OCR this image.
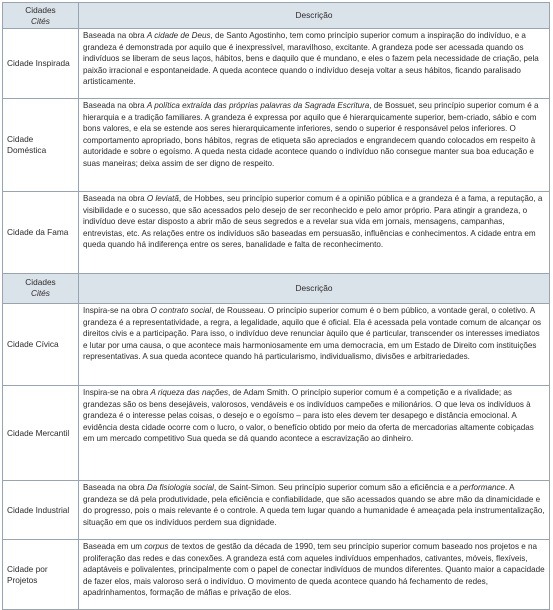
Cidades
Cités
Descrição
Cidade Inspirada
Baseada na obra A cidade de Deus, de Santo Agostinho, tem como princípio superior comum a inspiração do indivíduo, e a grandeza é demonstrada por aquilo que é inexpressível, maravilhoso, excitante. A grandeza pode ser acessada quando os indivíduos se liberam de seus laços, hábitos, bens e daquilo que é mundano, e eles o fazem pela necessidade de criação, pela paixão irracional e espontaneidade. A queda acontece quando o indivíduo deseja voltar a seus hábitos, ficando paralisado artisticamente.
Cidade Doméstica
Baseada na obra A política extraída das próprias palavras da Sagrada Escritura, de Bossuet, seu princípio superior comum é a hierarquia e a tradição familiares. A grandeza é expressa por aquilo que é hierarquicamente superior, bem-criado, sábio e com bons valores, e ela se estende aos seres hierarquicamente inferiores, sendo o superior é responsável pelos inferiores. O comportamento apropriado, bons hábitos, regras de etiqueta são apreciados e engrandecem quando colocados em respeito à autoridade e sobre o egoísmo. A queda nesta cidade acontece quando o indivíduo não consegue manter sua boa educação e suas maneiras; deixa assim de ser digno de respeito.
Cidade da Fama
Baseada na obra O leviatã, de Hobbes, seu princípio superior comum é a opinião pública e a grandeza é a fama, a reputação, a visibilidade e o sucesso, que são acessados pelo desejo de ser reconhecido e pelo amor próprio. Para atingir a grandeza, o indivíduo deve estar disposto a abrir mão de seus segredos e a revelar sua vida em jornais, mensagens, campanhas, entrevistas, etc. As relações entre os indivíduos são baseadas em persuasão, influências e conhecimentos. A cidade entra em queda quando há indiferença entre os seres, banalidade e falta de reconhecimento.
Cidades
Cités	Descrição
Cidade Cívica
Inspira-se na obra O contrato social, de Rousseau. O princípio superior comum é o bem público, a vontade geral, o coletivo. A grandeza é a representatividade, a regra, a legalidade, aquilo que é oficial. Ela é acessada pela vontade comum de alcançar os direitos civis e a participação. Para isso, o indivíduo deve renunciar àquilo que é particular, transcender os interesses imediatos e lutar por uma causa, o que acontece mais harmoniosamente em uma democracia, em um Estado de Direito com instituições representativas. A sua queda acontece quando há particularismo, individualismo, divisões e arbitrariedades.
Cidade Mercantil
Inspira-se na obra A riqueza das nações, de Adam Smith. O princípio superior comum é a competição e a rivalidade; as grandezas são os bens desejáveis, valorosos, vendáveis e os indivíduos campeões e milionários. O que leva os indivíduos à grandeza é o interesse pelas coisas, o desejo e o egoísmo – para isto eles devem ter desapego e distância emocional. A evidência desta cidade ocorre com o lucro, o valor, o benefício obtido por meio da oferta de mercadorias altamente cobiçadas em um mercado competitivo Sua queda se dá quando acontece a escravização ao dinheiro.
Cidade Industrial
Baseada na obra Da fisiologia social, de Saint-Simon. Seu princípio superior comum são a eficiência e a performance. A grandeza se dá pela produtividade, pela eficiência e confiabilidade, que são acessados quando se abre mão da dinamicidade e do progresso, pois o mais relevante é o controle. A queda tem lugar quando a humanidade é ameaçada pela instrumentalização, situação em que os indivíduos perdem sua dignidade.
Cidade por Projetos
Baseada em um corpus de textos de gestão da década de 1990, tem seu princípio superior comum baseado nos projetos e na proliferação das redes e das conexões. A grandeza está com aqueles indivíduos empenhados, cativantes, móveis, flexíveis, adaptáveis e polivalentes, principalmente com o papel de conectar indivíduos de mundos diferentes. Quanto maior a capacidade de fazer elos, mais valoroso será o indivíduo. O movimento de queda acontece quando há fechamento de redes, apadrinhamentos, formação de máfias e privação de elos.
